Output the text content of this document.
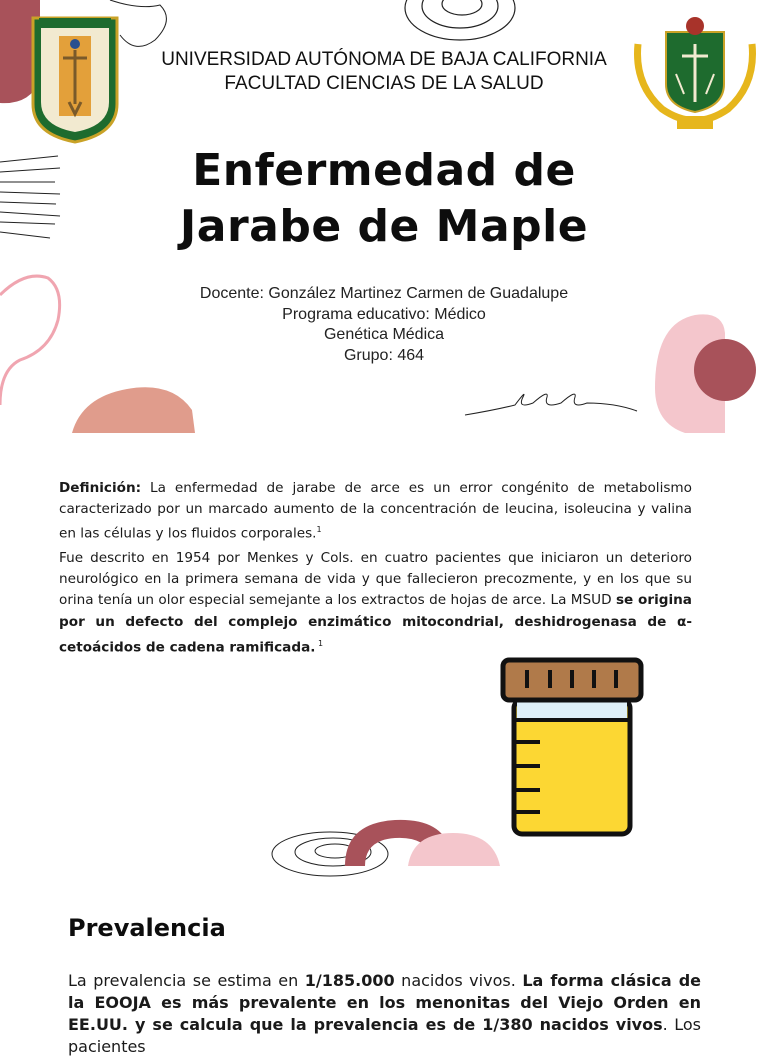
UNIVERSIDAD AUTÓNOMA DE BAJA CALIFORNIA
FACULTAD CIENCIAS DE LA SALUD
Enfermedad de
Jarabe de Maple
Docente: González Martinez Carmen de Guadalupe
Programa educativo: Médico
Genética Médica
Grupo: 464

Definición: La enfermedad de jarabe de arce es un error congénito de metabolismo caracterizado por un marcado aumento de la concentración de leucina, isoleucina y valina en las células y los fluidos corporales.$^1$

Fue descrito en 1954 por Menkes y Cols. en cuatro pacientes que iniciaron un deterioro neurológico en la primera semana de vida y que fallecieron precozmente, y en los que su orina tenía un olor especial semejante a los extractos de hojas de arce. La MSUD se origina por un defecto del complejo enzimático mitocondrial, deshidrogenasa de α-cetoácidos de cadena ramificada. $^1$

Prevalencia

La prevalencia se estima en 1/185.000 nacidos vivos. La forma clásica de la EOOJA es más prevalente en los menonitas del Viejo Orden en EE.UU. y se calcula que la prevalencia es de 1/380 nacidos vivos. Los pacientes
